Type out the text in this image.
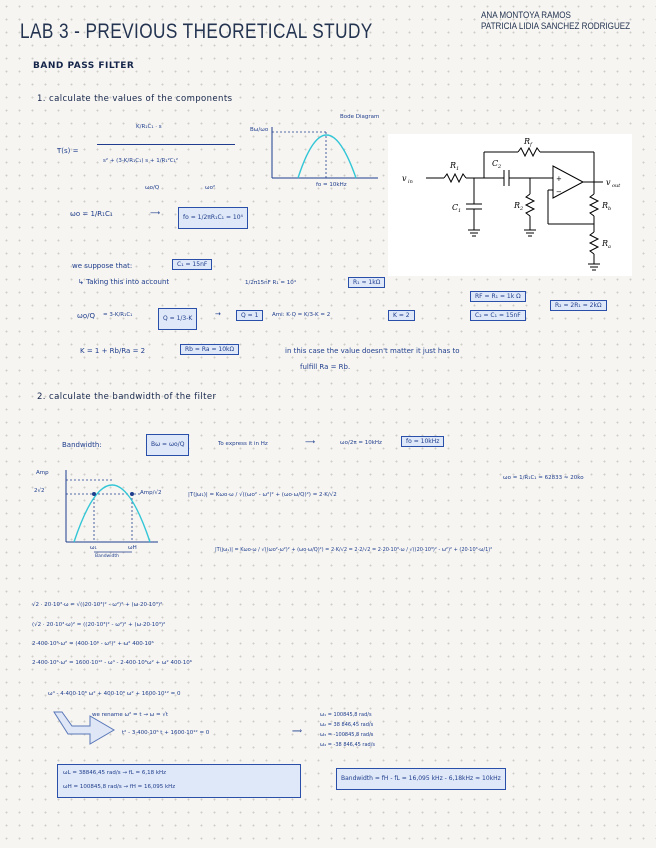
LAB 3 - PREVIOUS THEORETICAL STUDY
ANA MONTOYA RAMOS
PATRICIA LIDIA SANCHEZ RODRIGUEZ
BAND PASS FILTER
1. calculate the values of the components
T(s) =
K/R₁C₁ · s
s² + (3-K/R₁C₁) s + 1/R₁²C₁²
ωo/Q	ωo²
Bode Diagram
Bω/ωo
fo = 10kHz
v in
R 1
R f
C 2
C 1
R 2	R b
R a
v out
+
−
ωo = 1/R₁C₁	⟶
fo = 1/2πR₁C₁ = 10⁴
we suppose that:	C₁ = 15nF
↳ Taking this into account	1/2π15nF R₁ = 10⁴	R₁ ≈ 1kΩ
RF = R₁ = 1k Ω
C₂ = C₁ = 15nF
R₂ = 2R₁ = 2kΩ
ωo/Q = 3-K/R₁C₁	Q = 1/3-K
→	Q = 1	Ami: K·Q = K/3-K = 2	K = 2
K = 1 + Rb/Ra = 2	Rb = Ra = 10kΩ	in this case the value doesn't matter it just has to
fulfill Ra = Rb.
2. calculate the bandwidth of the filter
Bandwidth:	Bω = ωo/Q	To express it in Hz	⟶	ωo/2π = 10kHz	fo = 10kHz
ωo = 1/R₁C₁ = 62833 ≈ 20ko
Amp
2√2	Amp/√2
ω₁	ωH
Bandwidth
|T(jω₁)| = Kωo·ω / √((ωo² - ω²)² + (ωo·ω/Q)²) = 2·K/√2
|T(jω₁)| = Kωo·ω / √((ωo²-ω²)² + (ωo·ω/Q)²) = 2·K/√2 = 2·2/√2 = 2·20·10³·ω / √((20·10³)² - ω²)² + (20·10³·ω/1)²
√2 · 20·10³·ω = √((20·10³)² - ω²)² + (ω·20·10³)²
(√2 · 20·10³·ω)² = ((20·10³)² - ω²)² + (ω·20·10³)²
2·400·10⁶·ω² = (400·10⁶ - ω²)² + ω² 400·10⁶
2·400·10⁶·ω² = 1600·10¹² - ω⁴ - 2·400·10⁶ω² + ω² 400·10⁶
ω⁴ - 4·400·10⁶ ω² + 400·10⁶ ω² + 1600·10¹² = 0
we rename ω² = t → ω = √t
t² - 3·400·10⁶ t + 1600·10¹² = 0	⟹
ω₁ = 100845,8 rad/s
ω₂ = 38 846,45 rad/s
ω₃ = -100845,8 rad/s
ω₄ = -38 846,45 rad/s
ωL = 38846,45 rad/s → fL = 6,18 kHz
ωH = 100845,8 rad/s → fH = 16,095 kHz
Bandwidth = fH - fL = 16,095 kHz - 6,18kHz ≈ 10kHz
